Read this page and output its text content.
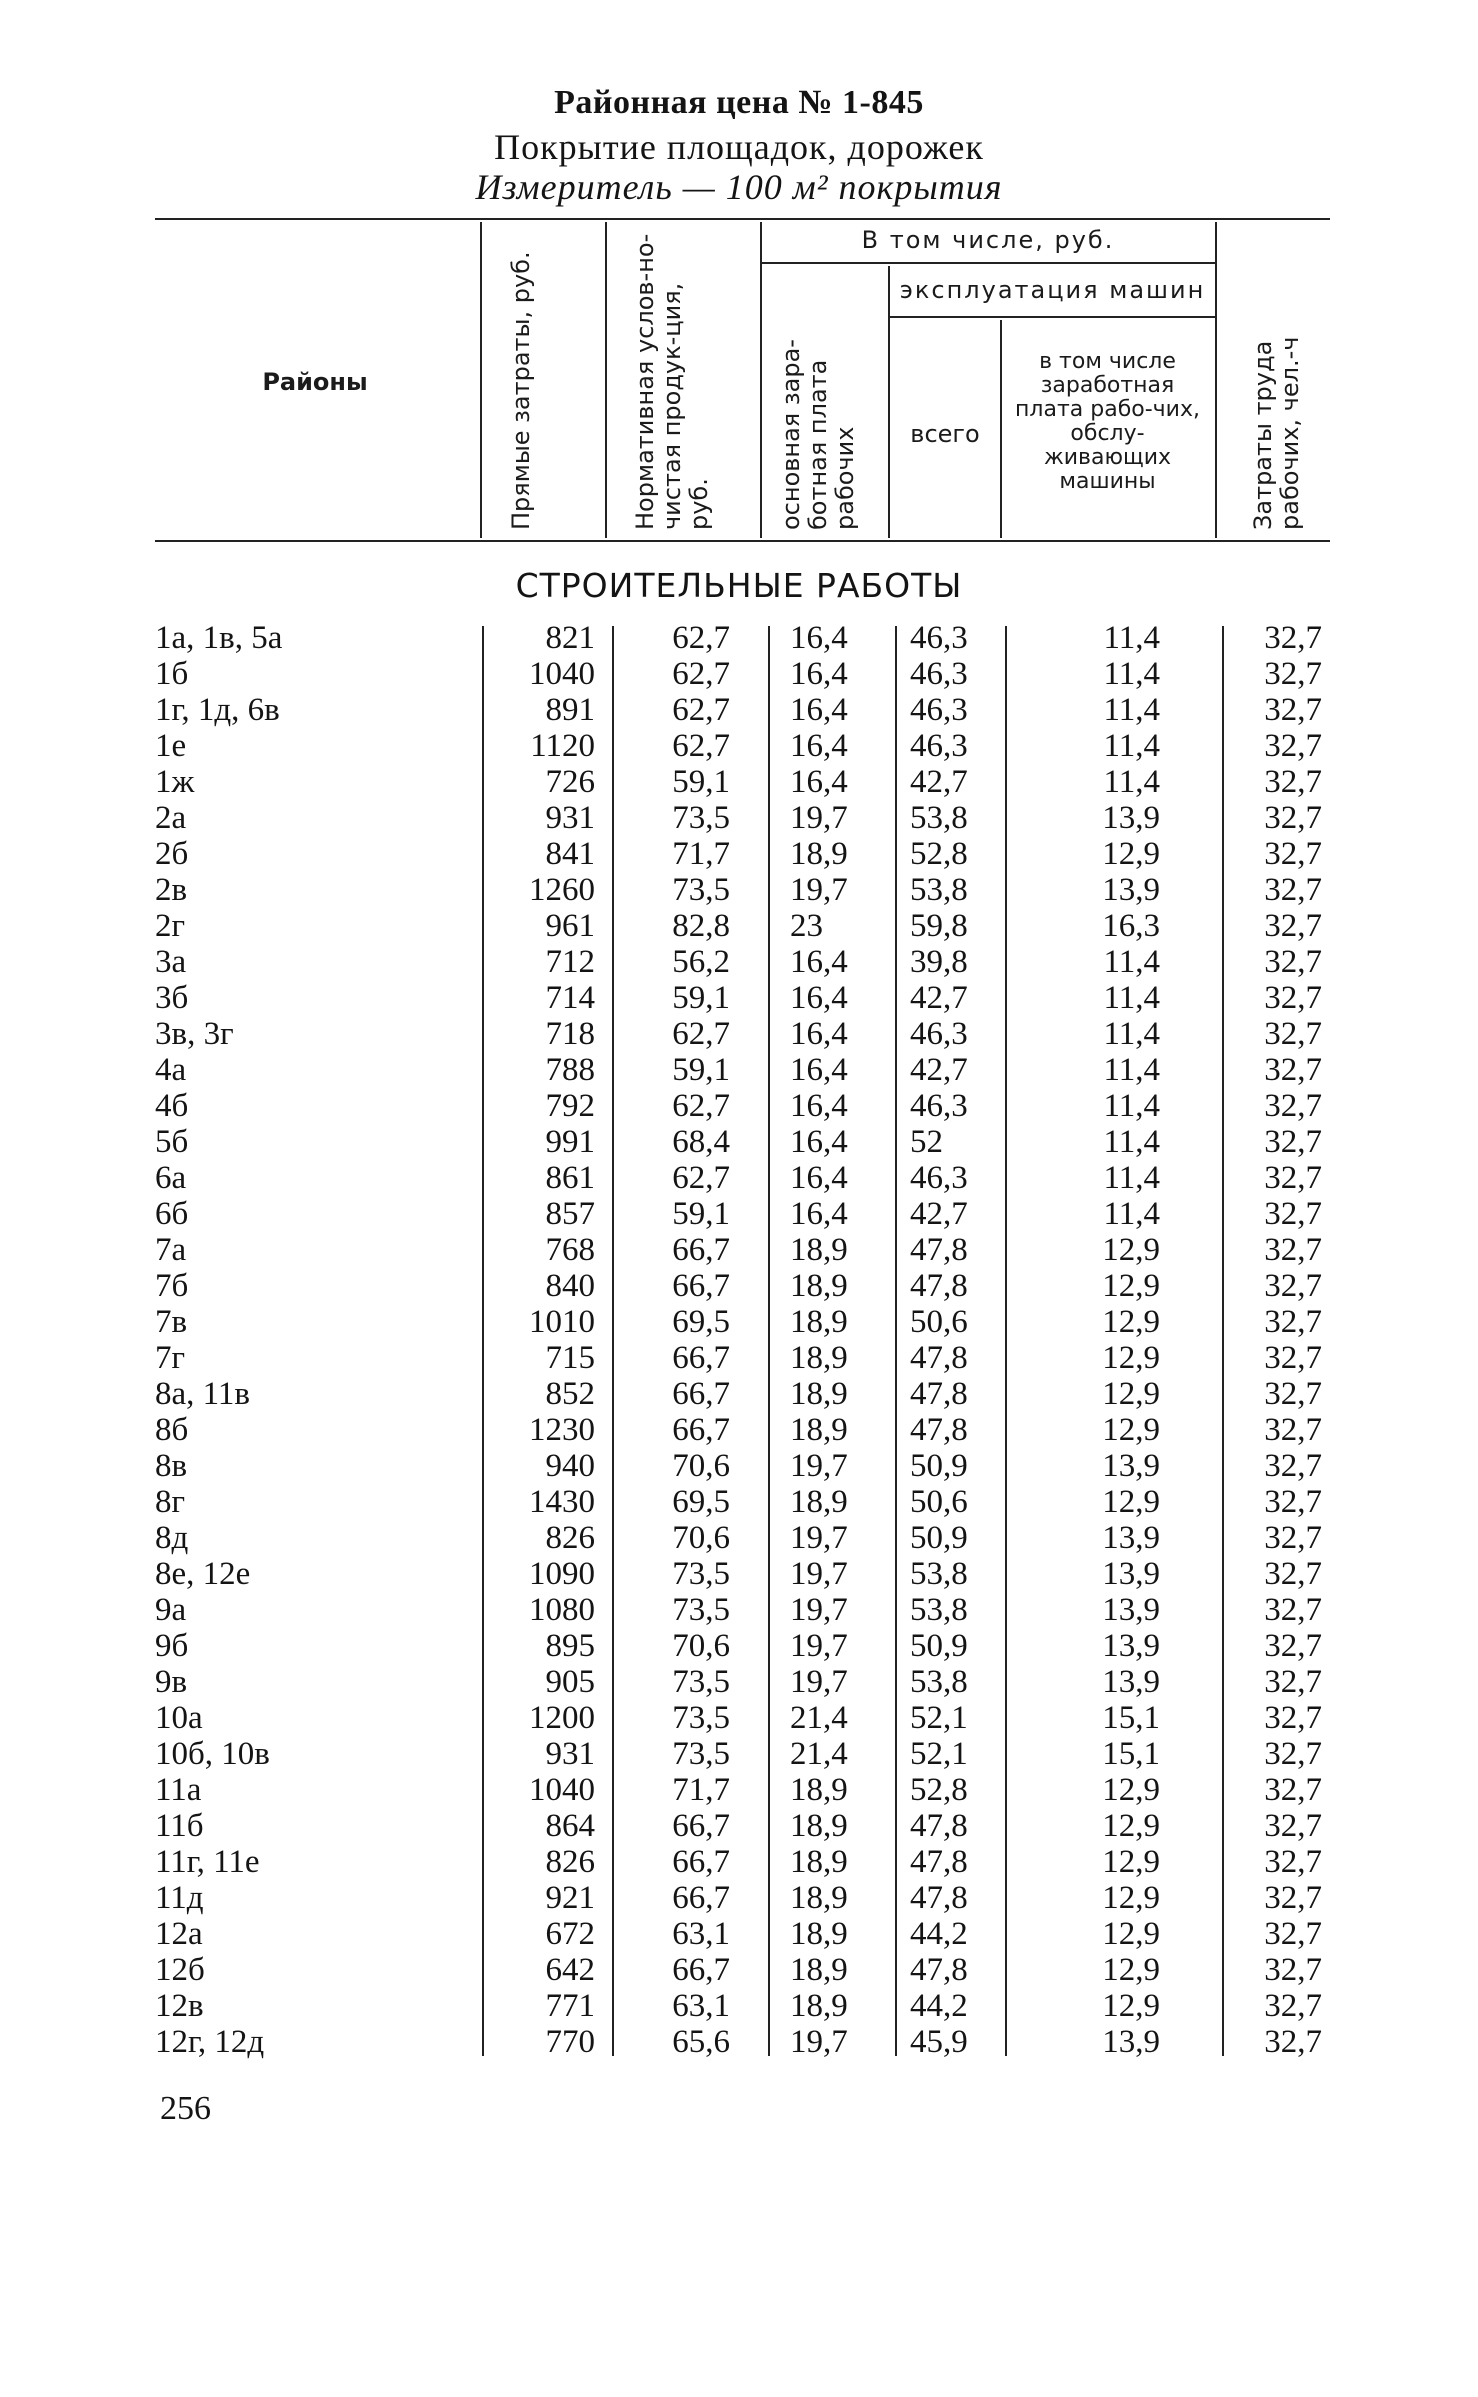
Районная цена № 1-845
Покрытие площадок, дорожек
Измеритель — 100 м² покрытия
Районы	Прямые затраты, руб.	Нормативная услов-но-чистая продук-ция, руб.
В том числе, руб.
основная зара-ботная плата рабочих
эксплуатация машин
всего
в том числе заработная плата рабо-чих, обслу-живающих машины	Затраты труда рабочих, чел.-ч
СТРОИТЕЛЬНЫЕ РАБОТЫ
1а, 1в, 5а	821	62,7 16,4 46,3	11,4	32,7
1б	1040	62,7 16,4 46,3	11,4	32,7
1г, 1д, 6в	891	62,7 16,4 46,3	11,4	32,7
1е	1120	62,7 16,4 46,3	11,4	32,7
1ж	726	59,1 16,4 42,7	11,4	32,7
2а	931	73,5 19,7 53,8	13,9	32,7
2б	841	71,7 18,9 52,8	12,9	32,7
2в	1260	73,5 19,7 53,8	13,9	32,7
2г	961	82,8 23	59,8	16,3	32,7
3а	712	56,2 16,4 39,8	11,4	32,7
3б	714	59,1 16,4 42,7	11,4	32,7
3в, 3г	718	62,7 16,4 46,3	11,4	32,7
4а	788	59,1 16,4 42,7	11,4	32,7
4б	792	62,7 16,4 46,3	11,4	32,7
5б	991	68,4 16,4 52	11,4	32,7
6а	861	62,7 16,4 46,3	11,4	32,7
6б	857	59,1 16,4 42,7	11,4	32,7
7а	768	66,7 18,9 47,8	12,9	32,7
7б	840	66,7 18,9 47,8	12,9	32,7
7в	1010	69,5 18,9 50,6	12,9	32,7
7г	715	66,7 18,9 47,8	12,9	32,7
8а, 11в	852	66,7 18,9 47,8	12,9	32,7
8б	1230	66,7 18,9 47,8	12,9	32,7
8в	940	70,6 19,7 50,9	13,9	32,7
8г	1430	69,5 18,9 50,6	12,9	32,7
8д	826	70,6 19,7 50,9	13,9	32,7
8е, 12е	1090	73,5 19,7 53,8	13,9	32,7
9а	1080	73,5 19,7 53,8	13,9	32,7
9б	895	70,6 19,7 50,9	13,9	32,7
9в	905	73,5 19,7 53,8	13,9	32,7
10а	1200	73,5 21,4 52,1	15,1	32,7
10б, 10в	931	73,5 21,4 52,1	15,1	32,7
11а	1040	71,7 18,9 52,8	12,9	32,7
11б	864	66,7 18,9 47,8	12,9	32,7
11г, 11е	826	66,7 18,9 47,8	12,9	32,7
11д	921	66,7 18,9 47,8	12,9	32,7
12а	672	63,1 18,9 44,2	12,9	32,7
12б	642	66,7 18,9 47,8	12,9	32,7
12в	771	63,1 18,9 44,2	12,9	32,7
12г, 12д	770	65,6 19,7 45,9	13,9	32,7
256
